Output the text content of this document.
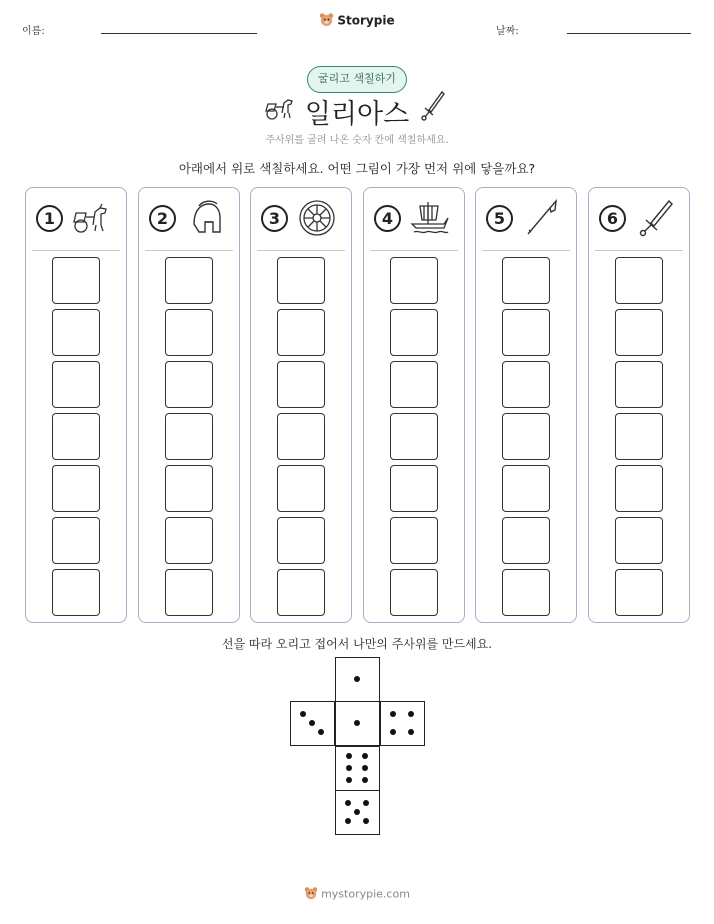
이름:
Storypie
날짜:
굴리고 색칠하기
일리아스
주사위를 굴려 나온 숫자 칸에 색칠하세요.
아래에서 위로 색칠하세요. 어떤 그림이 가장 먼저 위에 닿을까요?
1	2	3	4	5	6
선을 따라 오리고 접어서 나만의 주사위를 만드세요.
mystorypie.com
